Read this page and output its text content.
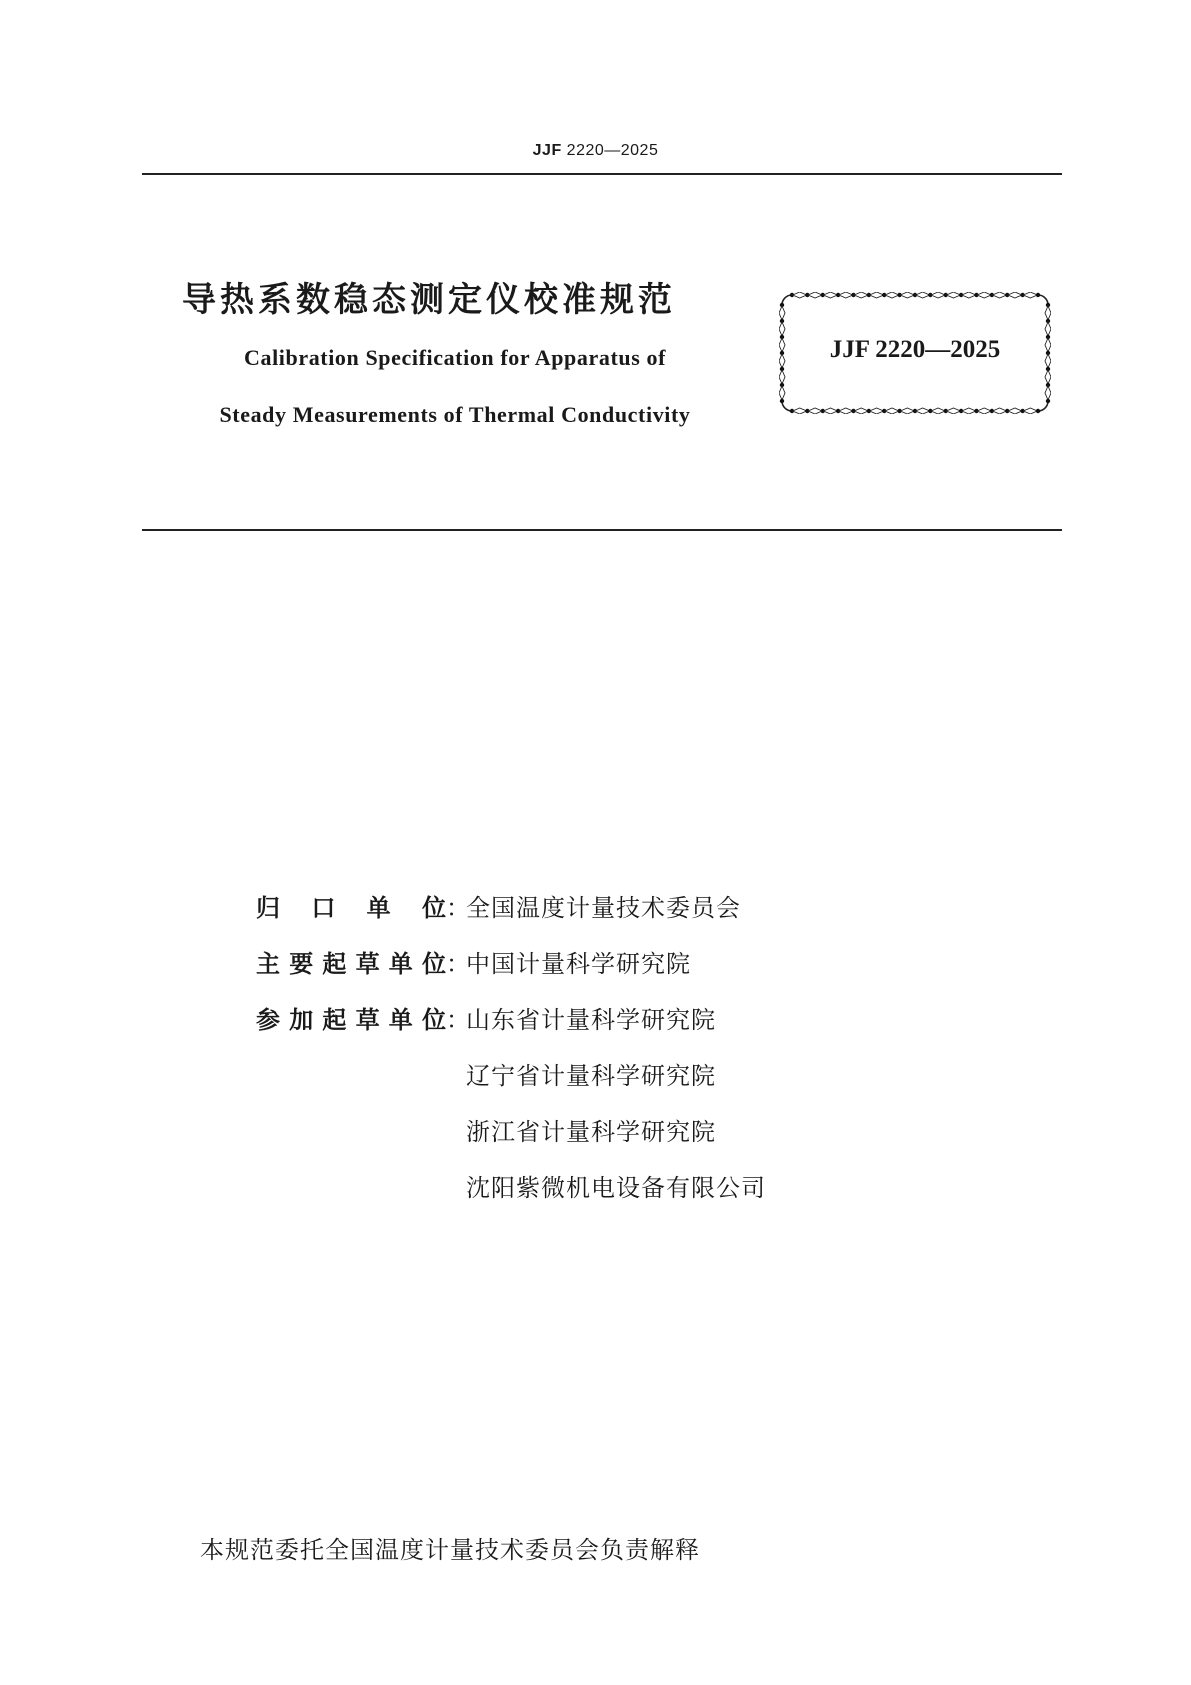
JJF 2220—2025
导热系数稳态测定仪校准规范
Calibration Specification for Apparatus of
Steady Measurements of Thermal Conductivity
JJF 2220—2025
归 口 单 位 ：
全国温度计量技术委员会
主 要 起 草 单 位 ：
中国计量科学研究院
参 加 起 草 单 位 ：
山东省计量科学研究院
辽宁省计量科学研究院
浙江省计量科学研究院
沈阳紫微机电设备有限公司
本规范委托全国温度计量技术委员会负责解释
